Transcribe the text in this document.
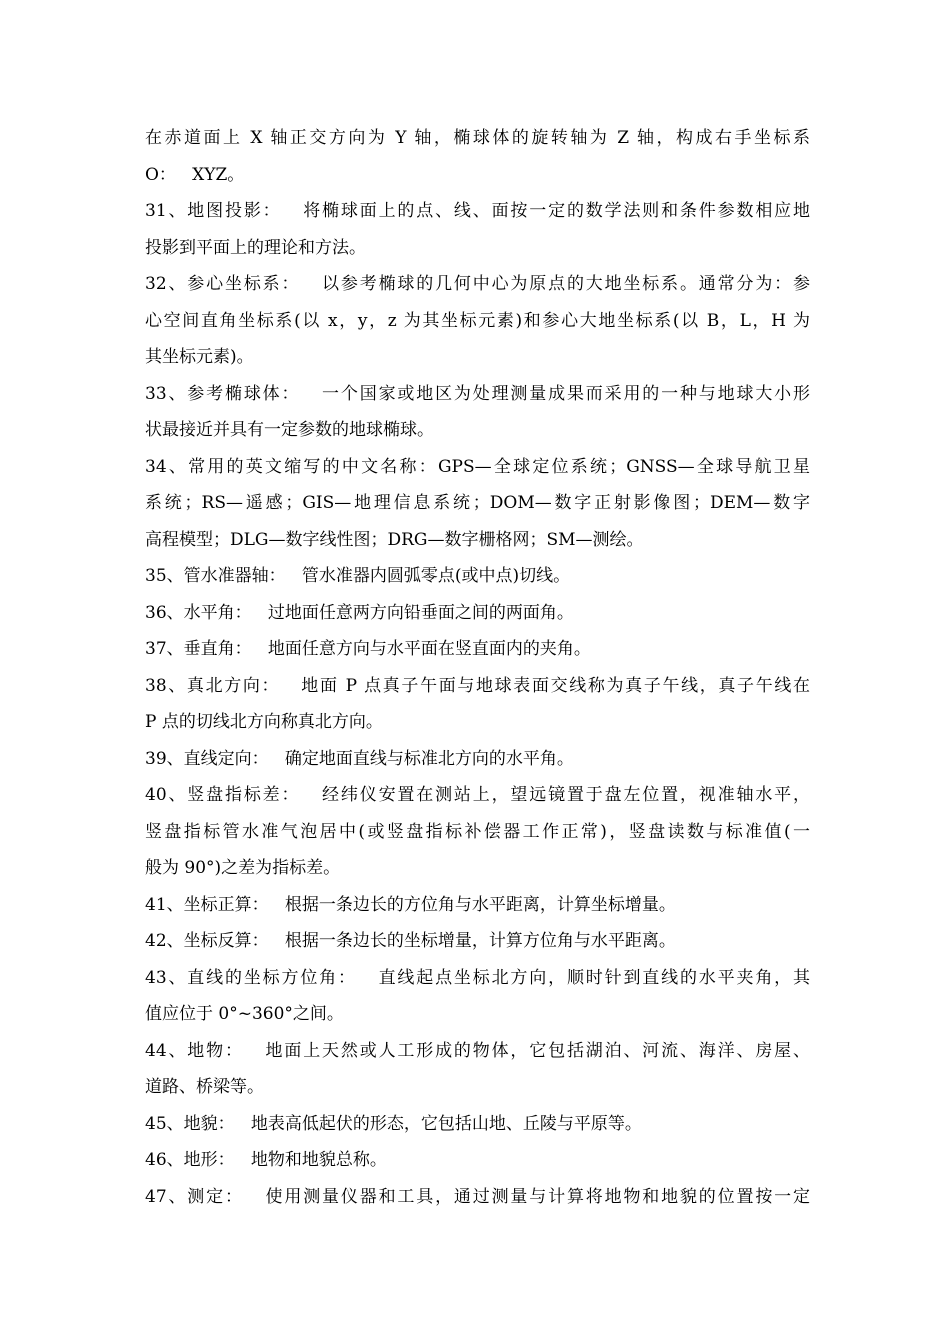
在赤道面上 X 轴正交方向为 Y 轴，椭球体的旋转轴为 Z 轴，构成右手坐标系
O：   XYZ。
31、地图投影：   将椭球面上的点、线、面按一定的数学法则和条件参数相应地
投影到平面上的理论和方法。
32、参心坐标系：   以参考椭球的几何中心为原点的大地坐标系。通常分为：参
心空间直角坐标系(以 x，y，z 为其坐标元素)和参心大地坐标系(以 B，L，H 为
其坐标元素)。
33、参考椭球体：   一个国家或地区为处理测量成果而采用的一种与地球大小形
状最接近并具有一定参数的地球椭球。
34、常用的英文缩写的中文名称：GPS—全球定位系统；GNSS—全球导航卫星
系统；RS—遥感；GIS—地理信息系统；DOM—数字正射影像图；DEM—数字
高程模型；DLG—数字线性图；DRG—数字栅格网；SM—测绘。
35、管水准器轴：   管水准器内圆弧零点(或中点)切线。
36、水平角：   过地面任意两方向铅垂面之间的两面角。
37、垂直角：   地面任意方向与水平面在竖直面内的夹角。
38、真北方向：   地面 P 点真子午面与地球表面交线称为真子午线，真子午线在
P 点的切线北方向称真北方向。
39、直线定向：   确定地面直线与标准北方向的水平角。
40、竖盘指标差：   经纬仪安置在测站上，望远镜置于盘左位置，视准轴水平，
竖盘指标管水准气泡居中(或竖盘指标补偿器工作正常)，竖盘读数与标准值(一
般为 90°)之差为指标差。
41、坐标正算：   根据一条边长的方位角与水平距离，计算坐标增量。
42、坐标反算：   根据一条边长的坐标增量，计算方位角与水平距离。
43、直线的坐标方位角：   直线起点坐标北方向，顺时针到直线的水平夹角，其
值应位于 0°~360°之间。
44、地物：   地面上天然或人工形成的物体，它包括湖泊、河流、海洋、房屋、
道路、桥梁等。
45、地貌：   地表高低起伏的形态，它包括山地、丘陵与平原等。
46、地形：   地物和地貌总称。
47、测定：   使用测量仪器和工具，通过测量与计算将地物和地貌的位置按一定
